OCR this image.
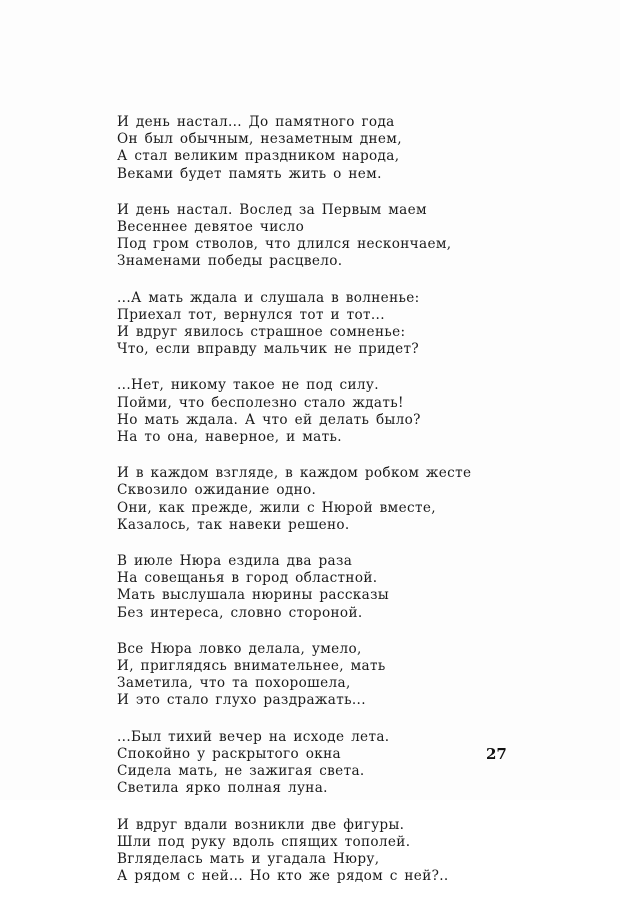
И день настал... До памятного года
Он был обычным, незаметным днем,
А стал великим праздником народа,
Веками будет память жить о нем.
И день настал. Вослед за Первым маем
Весеннее девятое число
Под гром стволов, что длился нескончаем,
Знаменами победы расцвело.
...А мать ждала и слушала в волненье:
Приехал тот, вернулся тот и тот...
И вдруг явилось страшное сомненье:
Что, если вправду мальчик не придет?
...Нет, никому такое не под силу.
Пойми, что бесполезно стало ждать!
Но мать ждала. А что ей делать было?
На то она, наверное, и мать.
И в каждом взгляде, в каждом робком жесте
Сквозило ожидание одно.
Они, как прежде, жили с Нюрой вместе,
Казалось, так навеки решено.
В июле Нюра ездила два раза
На совещанья в город областной.
Мать выслушала нюрины рассказы
Без интереса, словно стороной.
Все Нюра ловко делала, умело,
И, приглядясь внимательнее, мать
Заметила, что та похорошела,
И это стало глухо раздражать...
...Был тихий вечер на исходе лета.
Спокойно у раскрытого окна
Сидела мать, не зажигая света.
Светила ярко полная луна.
И вдруг вдали возникли две фигуры.
Шли под руку вдоль спящих тополей.
Вгляделась мать и угадала Нюру,
А рядом с ней... Но кто же рядом с ней?..
27
